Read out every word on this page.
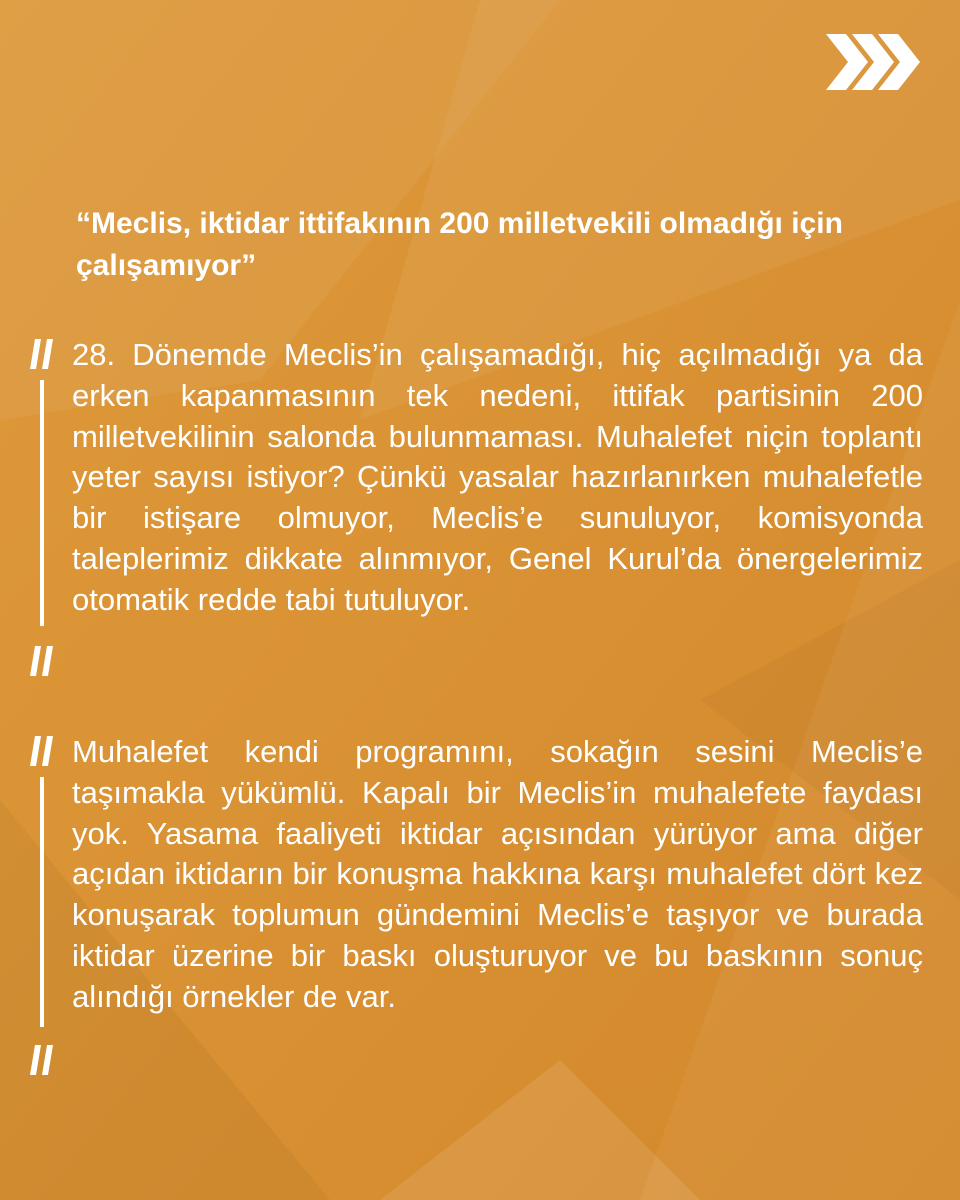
“Meclis, iktidar ittifakının 200 milletvekili olmadığı için çalışamıyor”

28. Dönemde Meclis’in çalışamadığı, hiç açılmadığı ya da erken kapanmasının tek nedeni, ittifak partisinin 200 milletvekilinin salonda bulunmaması. Muhalefet niçin toplantı yeter sayısı istiyor? Çünkü yasalar hazırlanırken muhalefetle bir istişare olmuyor, Meclis’e sunuluyor, komisyonda taleplerimiz dikkate alınmıyor, Genel Kurul’da önergelerimiz otomatik redde tabi tutuluyor.

Muhalefet kendi programını, sokağın sesini Meclis’e taşımakla yükümlü. Kapalı bir Meclis’in muhalefete faydası yok. Yasama faaliyeti iktidar açısından yürüyor ama diğer açıdan iktidarın bir konuşma hakkına karşı muhalefet dört kez konuşarak toplumun gündemini Meclis’e taşıyor ve burada iktidar üzerine bir baskı oluşturuyor ve bu baskının sonuç alındığı örnekler de var.
